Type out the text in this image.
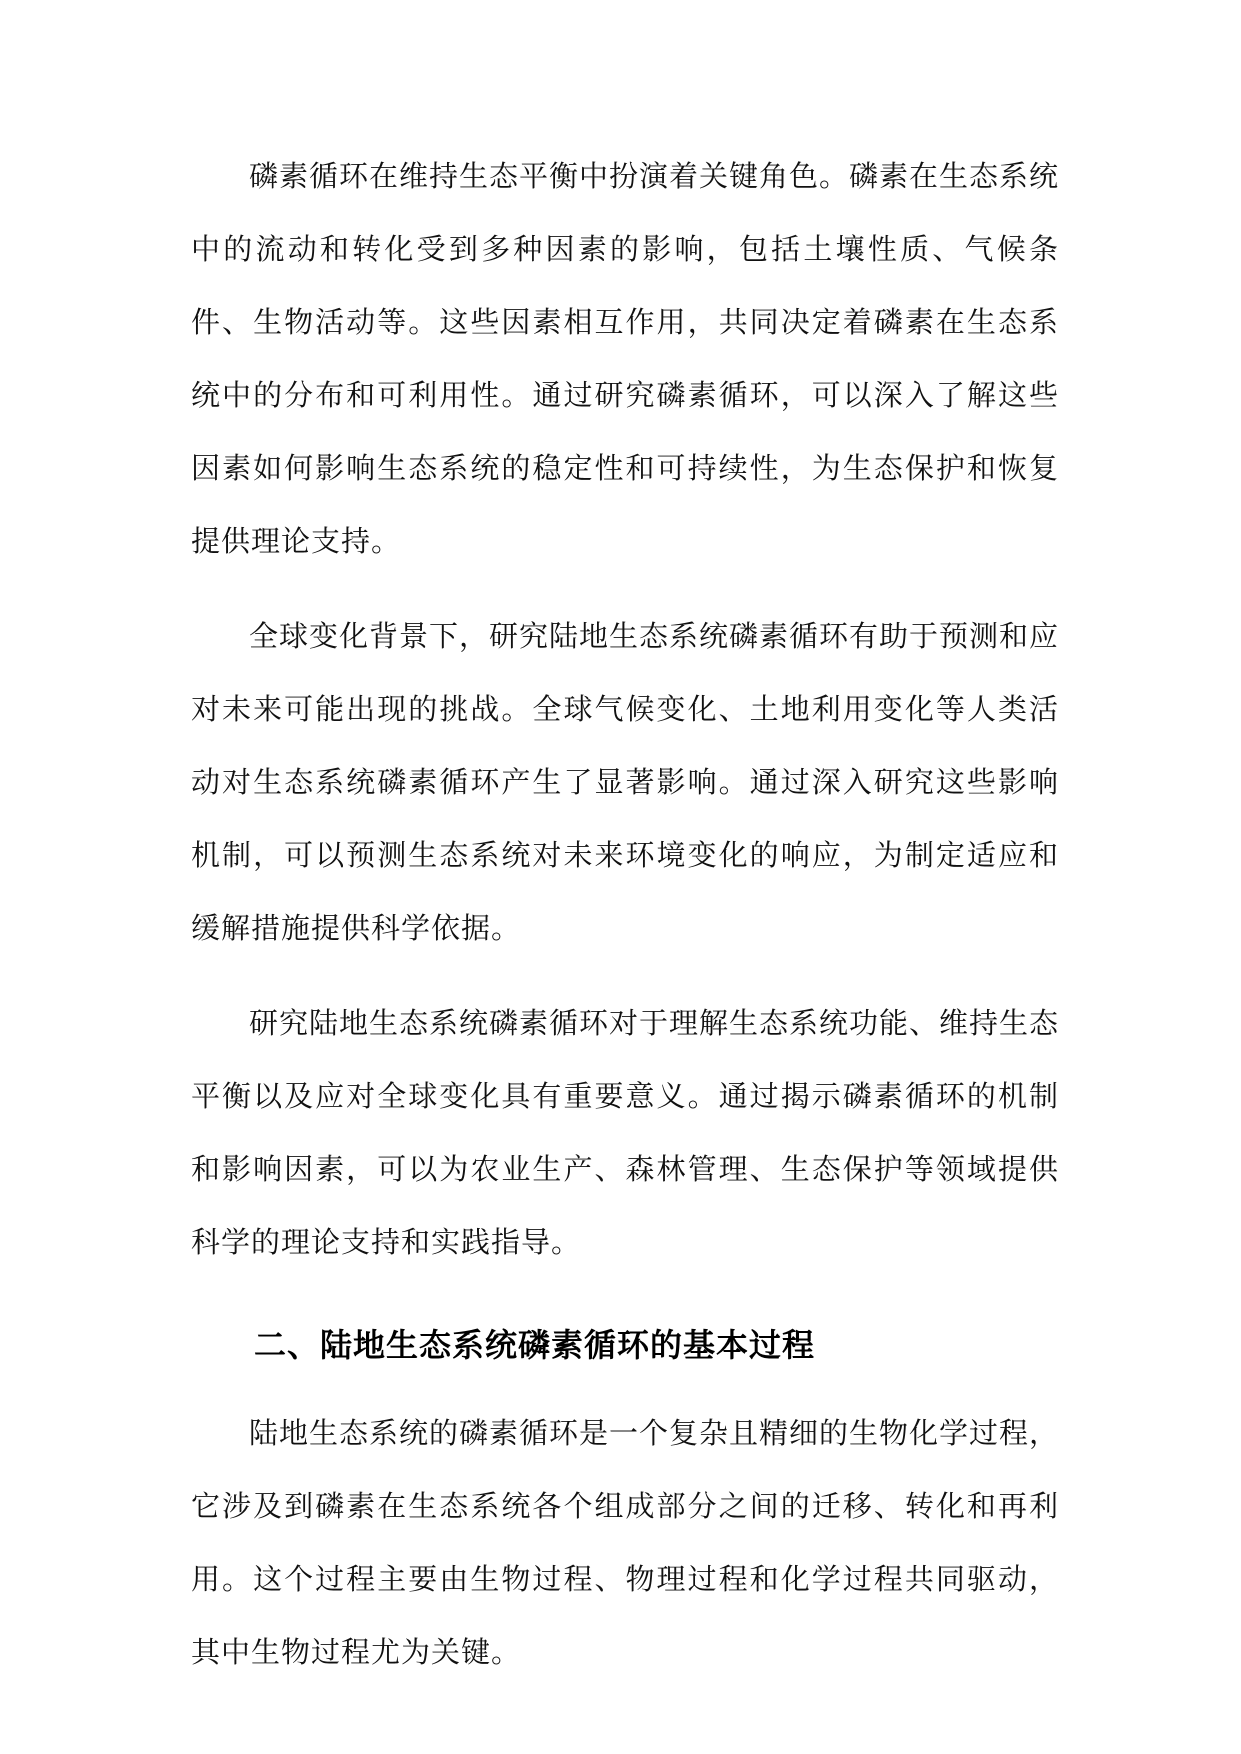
磷素循环在维持生态平衡中扮演着关键角色。磷素在生态系统中的流动和转化受到多种因素的影响，包括土壤性质、气候条件、生物活动等。这些因素相互作用，共同决定着磷素在生态系统中的分布和可利用性。通过研究磷素循环，可以深入了解这些因素如何影响生态系统的稳定性和可持续性，为生态保护和恢复提供理论支持。

全球变化背景下，研究陆地生态系统磷素循环有助于预测和应对未来可能出现的挑战。全球气候变化、土地利用变化等人类活动对生态系统磷素循环产生了显著影响。通过深入研究这些影响机制，可以预测生态系统对未来环境变化的响应，为制定适应和缓解措施提供科学依据。

研究陆地生态系统磷素循环对于理解生态系统功能、维持生态平衡以及应对全球变化具有重要意义。通过揭示磷素循环的机制和影响因素，可以为农业生产、森林管理、生态保护等领域提供科学的理论支持和实践指导。

二、陆地生态系统磷素循环的基本过程

陆地生态系统的磷素循环是一个复杂且精细的生物化学过程，它涉及到磷素在生态系统各个组成部分之间的迁移、转化和再利用。这个过程主要由生物过程、物理过程和化学过程共同驱动，其中生物过程尤为关键。
